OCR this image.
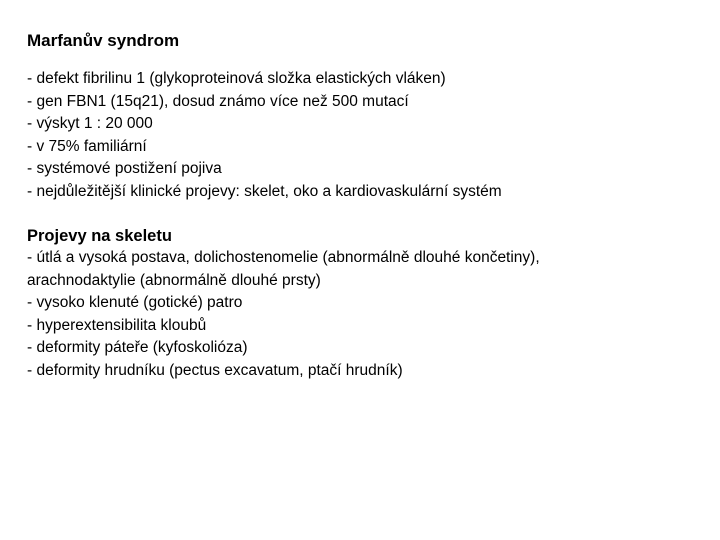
Marfanův syndrom

- defekt fibrilinu 1 (glykoproteinová složka elastických vláken)

- gen FBN1 (15q21), dosud známo více než 500 mutací

- výskyt 1 : 20 000

- v 75% familiární

- systémové postižení pojiva

- nejdůležitější klinické projevy: skelet, oko a kardiovaskulární systém

Projevy na skeletu

- útlá a vysoká postava, dolichostenomelie (abnormálně dlouhé končetiny),

arachnodaktylie (abnormálně dlouhé prsty)

- vysoko klenuté (gotické) patro

- hyperextensibilita kloubů

- deformity páteře (kyfoskolióza)

- deformity hrudníku (pectus excavatum, ptačí hrudník)
